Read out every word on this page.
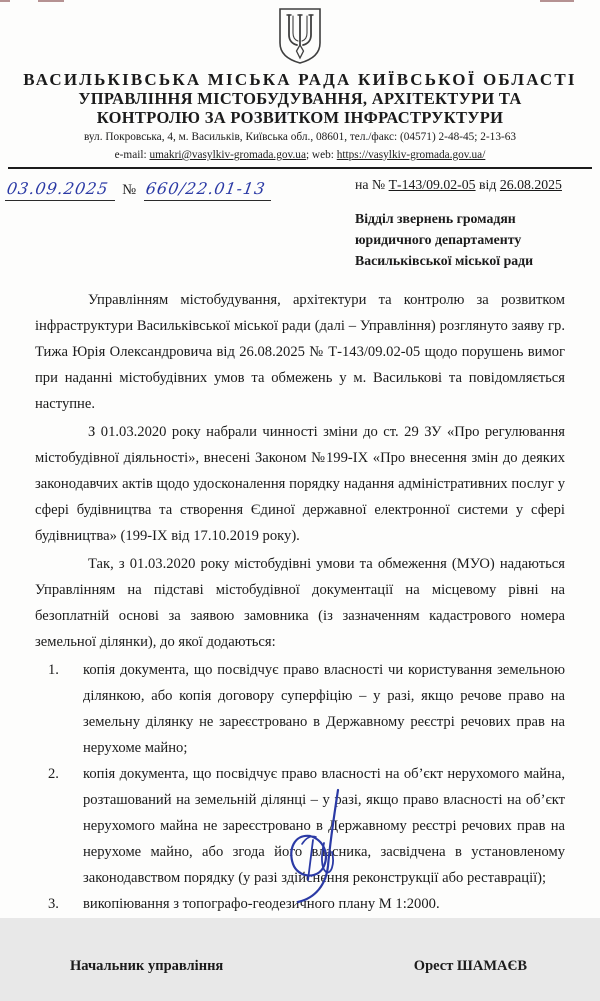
ВАСИЛЬКІВСЬКА МІСЬКА РАДА КИЇВСЬКОЇ ОБЛАСТІ
УПРАВЛІННЯ МІСТОБУДУВАННЯ, АРХІТЕКТУРИ ТА
КОНТРОЛЮ ЗА РОЗВИТКОМ ІНФРАСТРУКТУРИ
вул. Покровська, 4, м. Васильків, Київська обл., 08601, тел./факс: (04571) 2-48-45; 2-13-63
e-mail: umakri@vasylkiv-gromada.gov.ua; web: https://vasylkiv-gromada.gov.ua/
03.09.2025 № 660/22.01-13	на № Т-143/09.02-05 від 26.08.2025
Відділ звернень громадян
юридичного департаменту
Васильківської міської ради

Управлінням містобудування, архітектури та контролю за розвитком інфраструктури Васильківської міської ради (далі – Управління) розглянуто заяву гр. Тижа Юрія Олександровича від 26.08.2025 № Т-143/09.02-05 щодо порушень вимог при наданні містобудівних умов та обмежень у м. Василькові та повідомляється наступне.

З 01.03.2020 року набрали чинності зміни до ст. 29 ЗУ «Про регулювання містобудівної діяльності», внесені Законом №199-ІХ «Про внесення змін до деяких законодавчих актів щодо удосконалення порядку надання адміністративних послуг у сфері будівництва та створення Єдиної державної електронної системи у сфері будівництва» (199-ІХ від 17.10.2019 року).

Так, з 01.03.2020 року містобудівні умови та обмеження (МУО) надаються Управлінням на підставі містобудівної документації на місцевому рівні на безоплатній основі за заявою замовника (із зазначенням кадастрового номера земельної ділянки), до якої додаються:

1. копія документа, що посвідчує право власності чи користування земельною ділянкою, або копія договору суперфіцію – у разі, якщо речове право на земельну ділянку не зареєстровано в Державному реєстрі речових прав на нерухоме майно;
2. копія документа, що посвідчує право власності на об’єкт нерухомого майна, розташований на земельній ділянці – у разі, якщо право власності на об’єкт нерухомого майна не зареєстровано в Державному реєстрі речових прав на нерухоме майно, або згода його власника, засвідчена в установленому законодавством порядку (у разі здійснення реконструкції або реставрації);
3. викопіювання з топографо-геодезичного плану М 1:2000.
Начальник управління	Орест ШАМАЄВ
